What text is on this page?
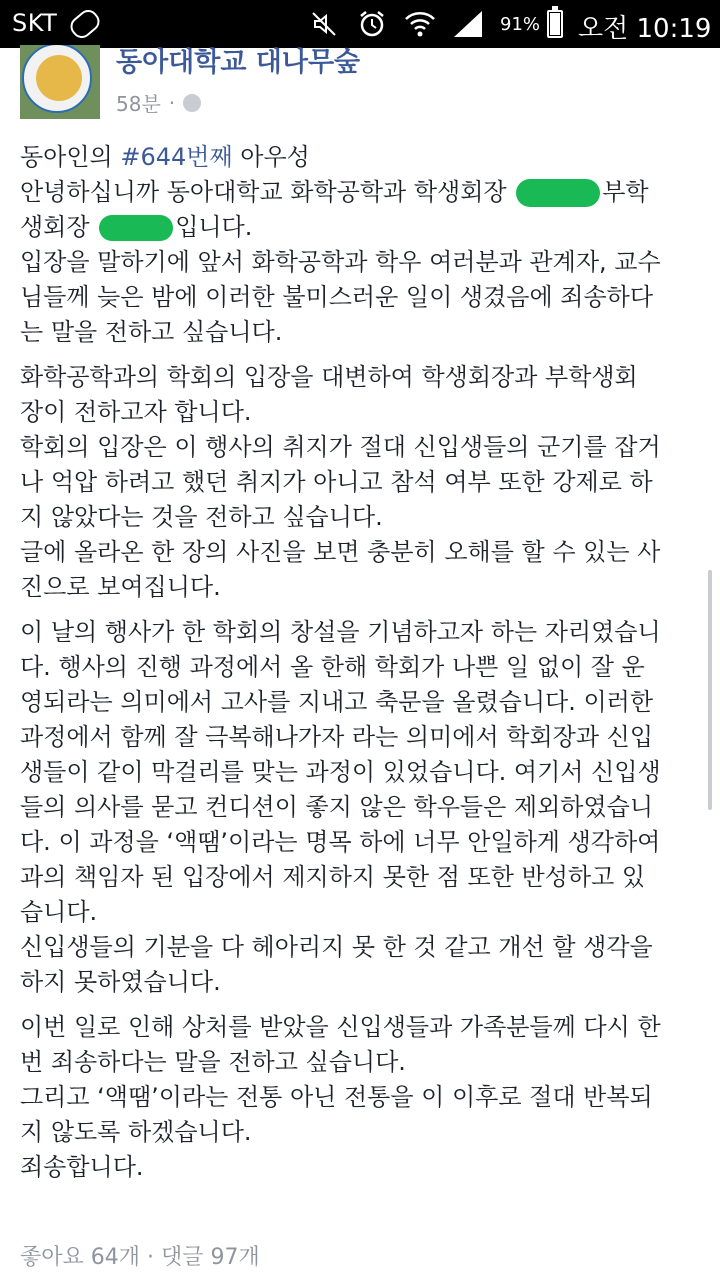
SKT	91% 오전 10:19
동아대학교 대나무숲
58분 ·
동아인의 #644번째 아우성
안녕하십니까 동아대학교 화학공학과 학생회장	부학
생회장	입니다.
입장을 말하기에 앞서 화학공학과 학우 여러분과 관계자, 교수
님들께 늦은 밤에 이러한 불미스러운 일이 생겼음에 죄송하다
는 말을 전하고 싶습니다.
화학공학과의 학회의 입장을 대변하여 학생회장과 부학생회
장이 전하고자 합니다.
학회의 입장은 이 행사의 취지가 절대 신입생들의 군기를 잡거
나 억압 하려고 했던 취지가 아니고 참석 여부 또한 강제로 하
지 않았다는 것을 전하고 싶습니다.
글에 올라온 한 장의 사진을 보면 충분히 오해를 할 수 있는 사
진으로 보여집니다.
이 날의 행사가 한 학회의 창설을 기념하고자 하는 자리였습니
다. 행사의 진행 과정에서 올 한해 학회가 나쁜 일 없이 잘 운
영되라는 의미에서 고사를 지내고 축문을 올렸습니다. 이러한
과정에서 함께 잘 극복해나가자 라는 의미에서 학회장과 신입
생들이 같이 막걸리를 맞는 과정이 있었습니다. 여기서 신입생
들의 의사를 묻고 컨디션이 좋지 않은 학우들은 제외하였습니
다. 이 과정을 ‘액땜’이라는 명목 하에 너무 안일하게 생각하여
과의 책임자 된 입장에서 제지하지 못한 점 또한 반성하고 있
습니다.
신입생들의 기분을 다 헤아리지 못 한 것 같고 개선 할 생각을
하지 못하였습니다.
이번 일로 인해 상처를 받았을 신입생들과 가족분들께 다시 한
번 죄송하다는 말을 전하고 싶습니다.
그리고 ‘액땜’이라는 전통 아닌 전통을 이 이후로 절대 반복되
지 않도록 하겠습니다.
죄송합니다.
좋아요 64개 · 댓글 97개
